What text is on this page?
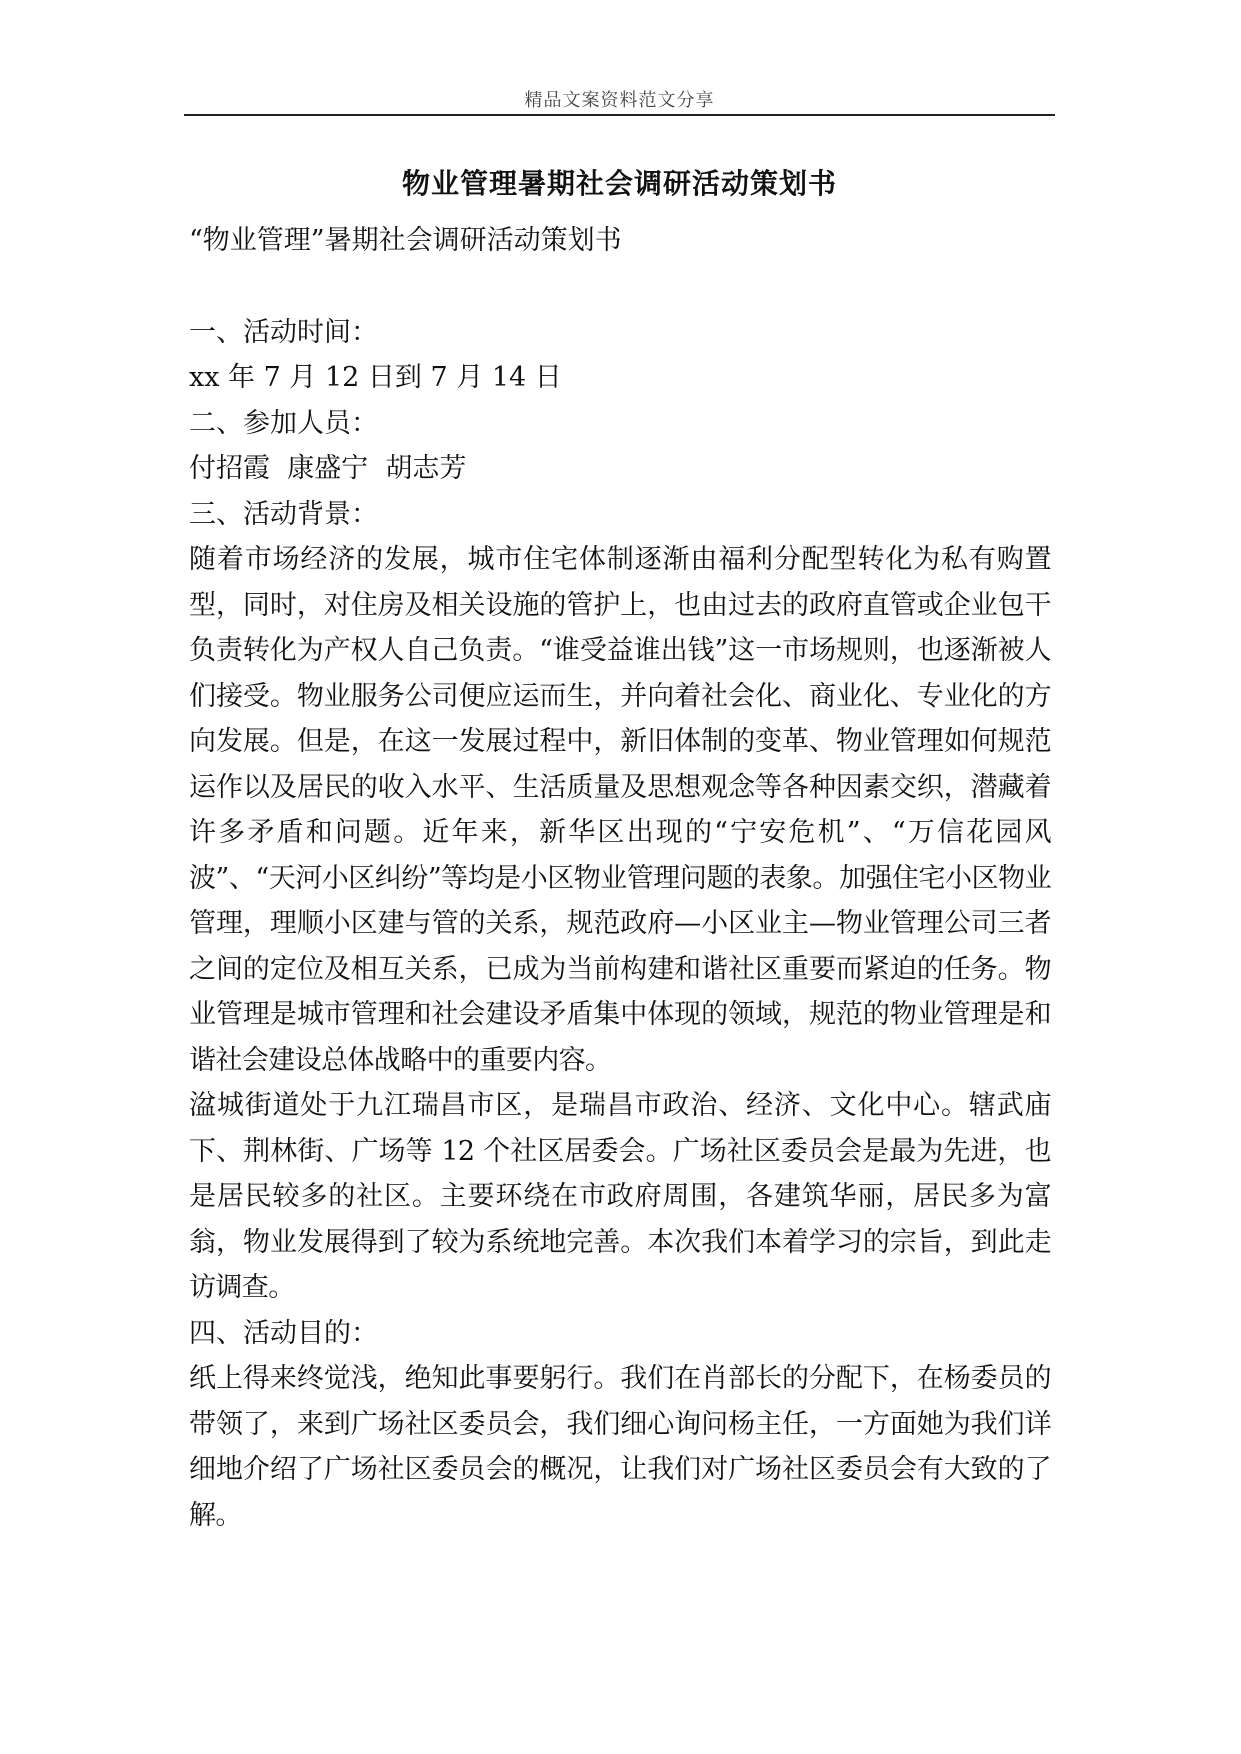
精品文案资料范文分享
物业管理暑期社会调研活动策划书

“物业管理”暑期社会调研活动策划书

一、活动时间：

xx 年 7 月 12 日到 7 月 14 日

二、参加人员：

付招霞  康盛宁  胡志芳

三、活动背景：

随着市场经济的发展，城市住宅体制逐渐由福利分配型转化为私有购置型，同时，对住房及相关设施的管护上，也由过去的政府直管或企业包干负责转化为产权人自己负责。“谁受益谁出钱”这一市场规则，也逐渐被人们接受。物业服务公司便应运而生，并向着社会化、商业化、专业化的方向发展。但是，在这一发展过程中，新旧体制的变革、物业管理如何规范运作以及居民的收入水平、生活质量及思想观念等各种因素交织，潜藏着许多矛盾和问题。近年来，新华区出现的“宁安危机”、“万信花园风波”、“天河小区纠纷”等均是小区物业管理问题的表象。加强住宅小区物业管理，理顺小区建与管的关系，规范政府—小区业主—物业管理公司三者之间的定位及相互关系，已成为当前构建和谐社区重要而紧迫的任务。物业管理是城市管理和社会建设矛盾集中体现的领域，规范的物业管理是和谐社会建设总体战略中的重要内容。

湓城街道处于九江瑞昌市区，是瑞昌市政治、经济、文化中心。辖武庙下、荆林街、广场等 12 个社区居委会。广场社区委员会是最为先进，也是居民较多的社区。主要环绕在市政府周围，各建筑华丽，居民多为富翁，物业发展得到了较为系统地完善。本次我们本着学习的宗旨，到此走访调查。

四、活动目的：

纸上得来终觉浅，绝知此事要躬行。我们在肖部长的分配下，在杨委员的带领了，来到广场社区委员会，我们细心询问杨主任，一方面她为我们详细地介绍了广场社区委员会的概况，让我们对广场社区委员会有大致的了解。
